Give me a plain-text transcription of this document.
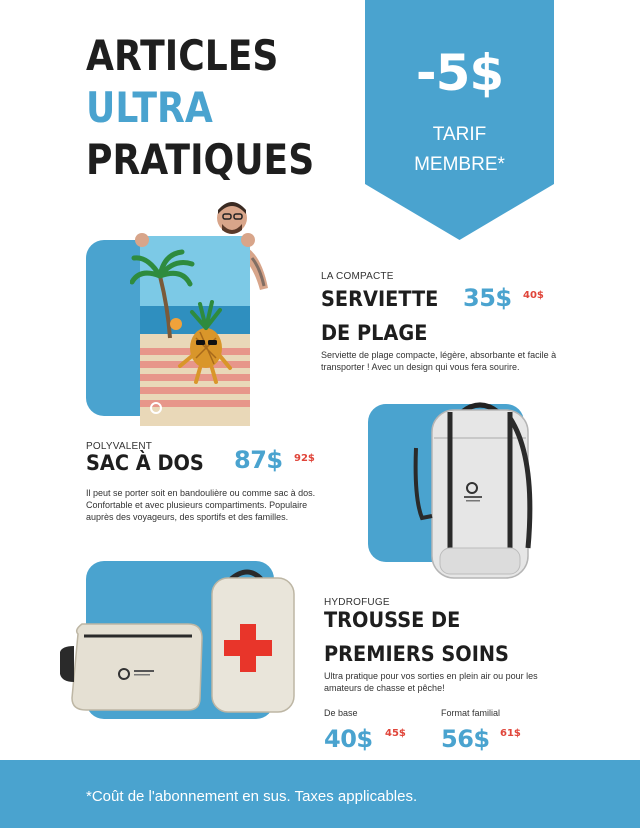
ARTICLES
ULTRA
PRATIQUES
-5$
TARIF
MEMBRE*
LA COMPACTE
SERVIETTE
DE PLAGE
35$ 40$
Serviette de plage compacte, légère, absorbante et facile à transporter ! Avec un design qui vous fera sourire.
POLYVALENT
SAC À DOS 87$ 92$
Il peut se porter soit en bandoulière ou comme sac à dos. Confortable et avec plusieurs compartiments. Populaire auprès des voyageurs, des sportifs et des familles.
HYDROFUGE
TROUSSE DE
PREMIERS SOINS
Ultra pratique pour vos sorties en plein air ou pour les amateurs de chasse et pêche!
De base
40$ 45$
Format familial
56$ 61$
*Coût de l'abonnement en sus. Taxes applicables.
